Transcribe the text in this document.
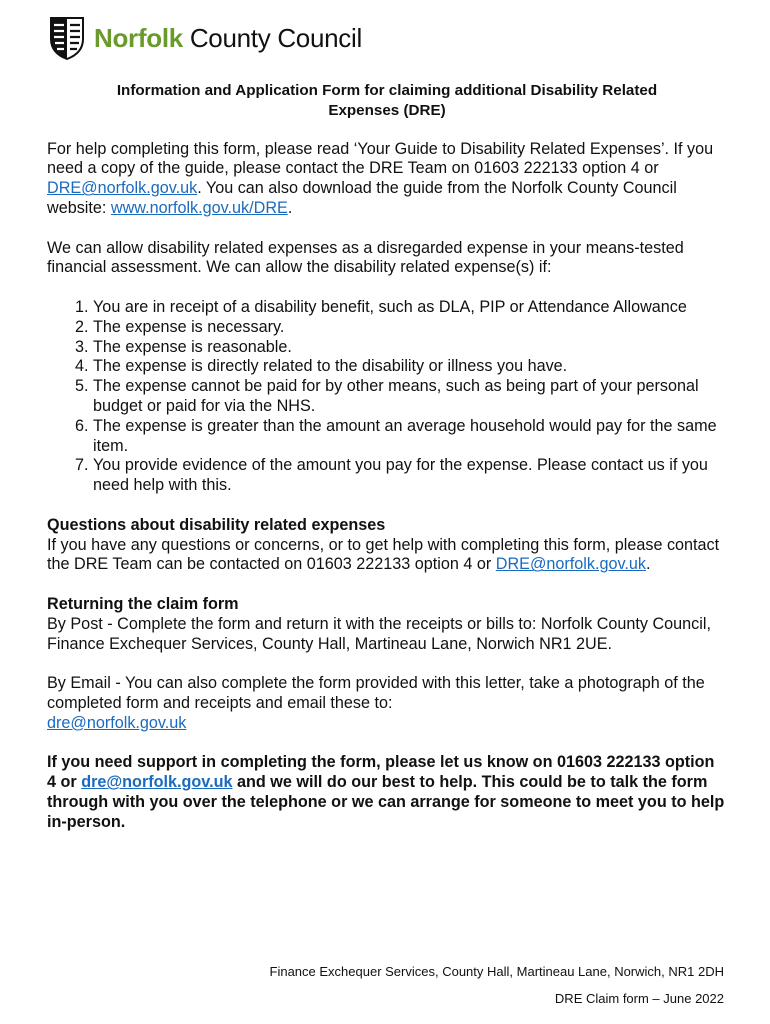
Norfolk County Council
Information and Application Form for claiming additional Disability Related
Expenses (DRE)

For help completing this form, please read ‘Your Guide to Disability Related Expenses’. If you need a copy of the guide, please contact the DRE Team on 01603 222133 option 4 or DRE@norfolk.gov.uk. You can also download the guide from the Norfolk County Council website: www.norfolk.gov.uk/DRE.

We can allow disability related expenses as a disregarded expense in your means-tested financial assessment. We can allow the disability related expense(s) if:

1. You are in receipt of a disability benefit, such as DLA, PIP or Attendance Allowance
2. The expense is necessary.
3. The expense is reasonable.
4. The expense is directly related to the disability or illness you have.
5. The expense cannot be paid for by other means, such as being part of your personal budget or paid for via the NHS.
6. The expense is greater than the amount an average household would pay for the same item.
7. You provide evidence of the amount you pay for the expense. Please contact us if you need help with this.
Questions about disability related expenses

If you have any questions or concerns, or to get help with completing this form, please contact the DRE Team can be contacted on 01603 222133 option 4 or DRE@norfolk.gov.uk.

Returning the claim form

By Post - Complete the form and return it with the receipts or bills to: Norfolk County Council, Finance Exchequer Services, County Hall, Martineau Lane, Norwich NR1 2UE.

By Email - You can also complete the form provided with this letter, take a photograph of the completed form and receipts and email these to:
dre@norfolk.gov.uk

If you need support in completing the form, please let us know on 01603 222133 option 4 or dre@norfolk.gov.uk and we will do our best to help. This could be to talk the form through with you over the telephone or we can arrange for someone to meet you to help in-person.

Finance Exchequer Services, County Hall, Martineau Lane, Norwich, NR1 2DH
DRE Claim form – June 2022
